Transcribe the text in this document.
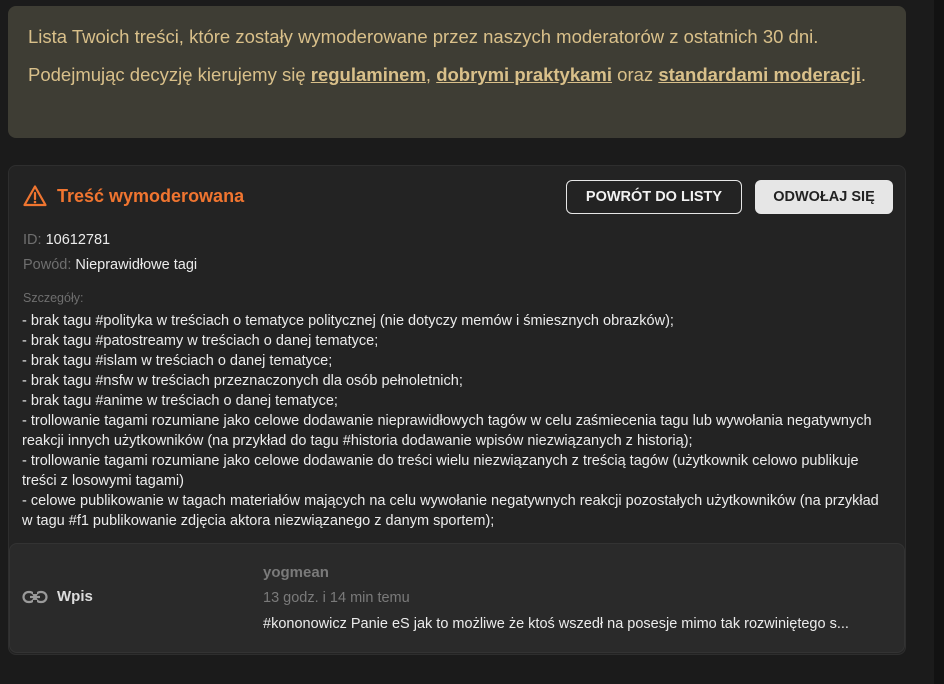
Lista Twoich treści, które zostały wymoderowane przez naszych moderatorów z ostatnich 30 dni.

Podejmując decyzję kierujemy się regulaminem, dobrymi praktykami oraz standardami moderacji.

Treść wymoderowana	POWRÓT DO LISTY	ODWOŁAJ SIĘ
ID: 10612781
Powód: Nieprawidłowe tagi
Szczegóły:
- brak tagu #polityka w treściach o tematyce politycznej (nie dotyczy memów i śmiesznych obrazków);
- brak tagu #patostreamy w treściach o danej tematyce;
- brak tagu #islam w treściach o danej tematyce;
- brak tagu #nsfw w treściach przeznaczonych dla osób pełnoletnich;
- brak tagu #anime w treściach o danej tematyce;
- trollowanie tagami rozumiane jako celowe dodawanie nieprawidłowych tagów w celu zaśmiecenia tagu lub wywołania negatywnych reakcji innych użytkowników (na przykład do tagu #historia dodawanie wpisów niezwiązanych z historią);
- trollowanie tagami rozumiane jako celowe dodawanie do treści wielu niezwiązanych z treścią tagów (użytkownik celowo publikuje treści z losowymi tagami)
- celowe publikowanie w tagach materiałów mających na celu wywołanie negatywnych reakcji pozostałych użytkowników (na przykład w tagu #f1 publikowanie zdjęcia aktora niezwiązanego z danym sportem);
Wpis
yogmean
13 godz. i 14 min temu
#kononowicz Panie eS jak to możliwe że ktoś wszedł na posesje mimo tak rozwiniętego s...
